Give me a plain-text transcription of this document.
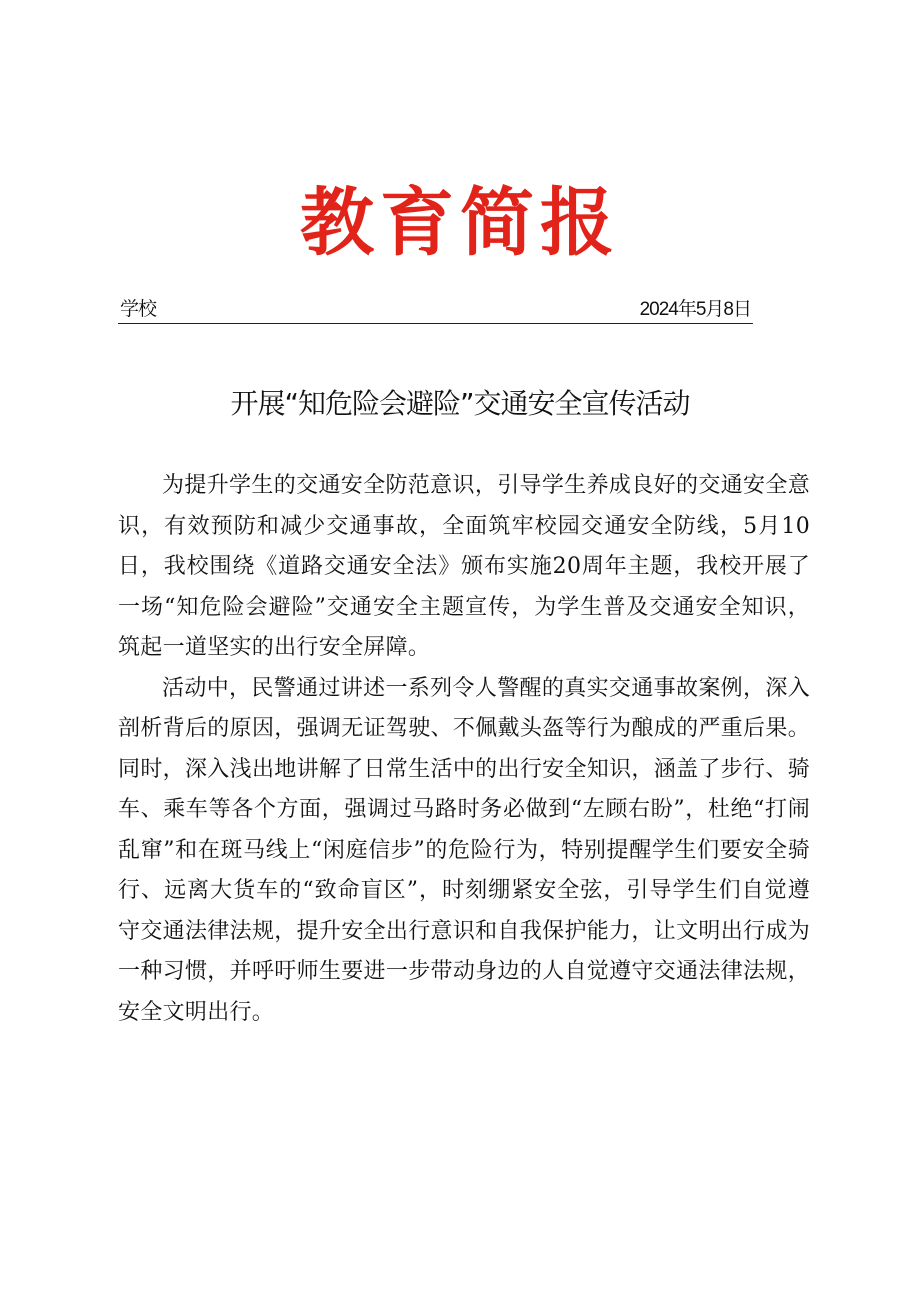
教育简报
学校	2024年5月8日
开展“知危险会避险”交通安全宣传活动

为提升学生的交通安全防范意识，引导学生养成良好的交通安全意识，有效预防和减少交通事故，全面筑牢校园交通安全防线，5月10日，我校围绕《道路交通安全法》颁布实施20周年主题，我校开展了一场“知危险会避险”交通安全主题宣传，为学生普及交通安全知识，筑起一道坚实的出行安全屏障。

活动中，民警通过讲述一系列令人警醒的真实交通事故案例，深入剖析背后的原因，强调无证驾驶、不佩戴头盔等行为酿成的严重后果。同时，深入浅出地讲解了日常生活中的出行安全知识，涵盖了步行、骑车、乘车等各个方面，强调过马路时务必做到“左顾右盼”，杜绝“打闹乱窜”和在斑马线上“闲庭信步”的危险行为，特别提醒学生们要安全骑行、远离大货车的“致命盲区”，时刻绷紧安全弦，引导学生们自觉遵守交通法律法规，提升安全出行意识和自我保护能力，让文明出行成为一种习惯，并呼吁师生要进一步带动身边的人自觉遵守交通法律法规，安全文明出行。
